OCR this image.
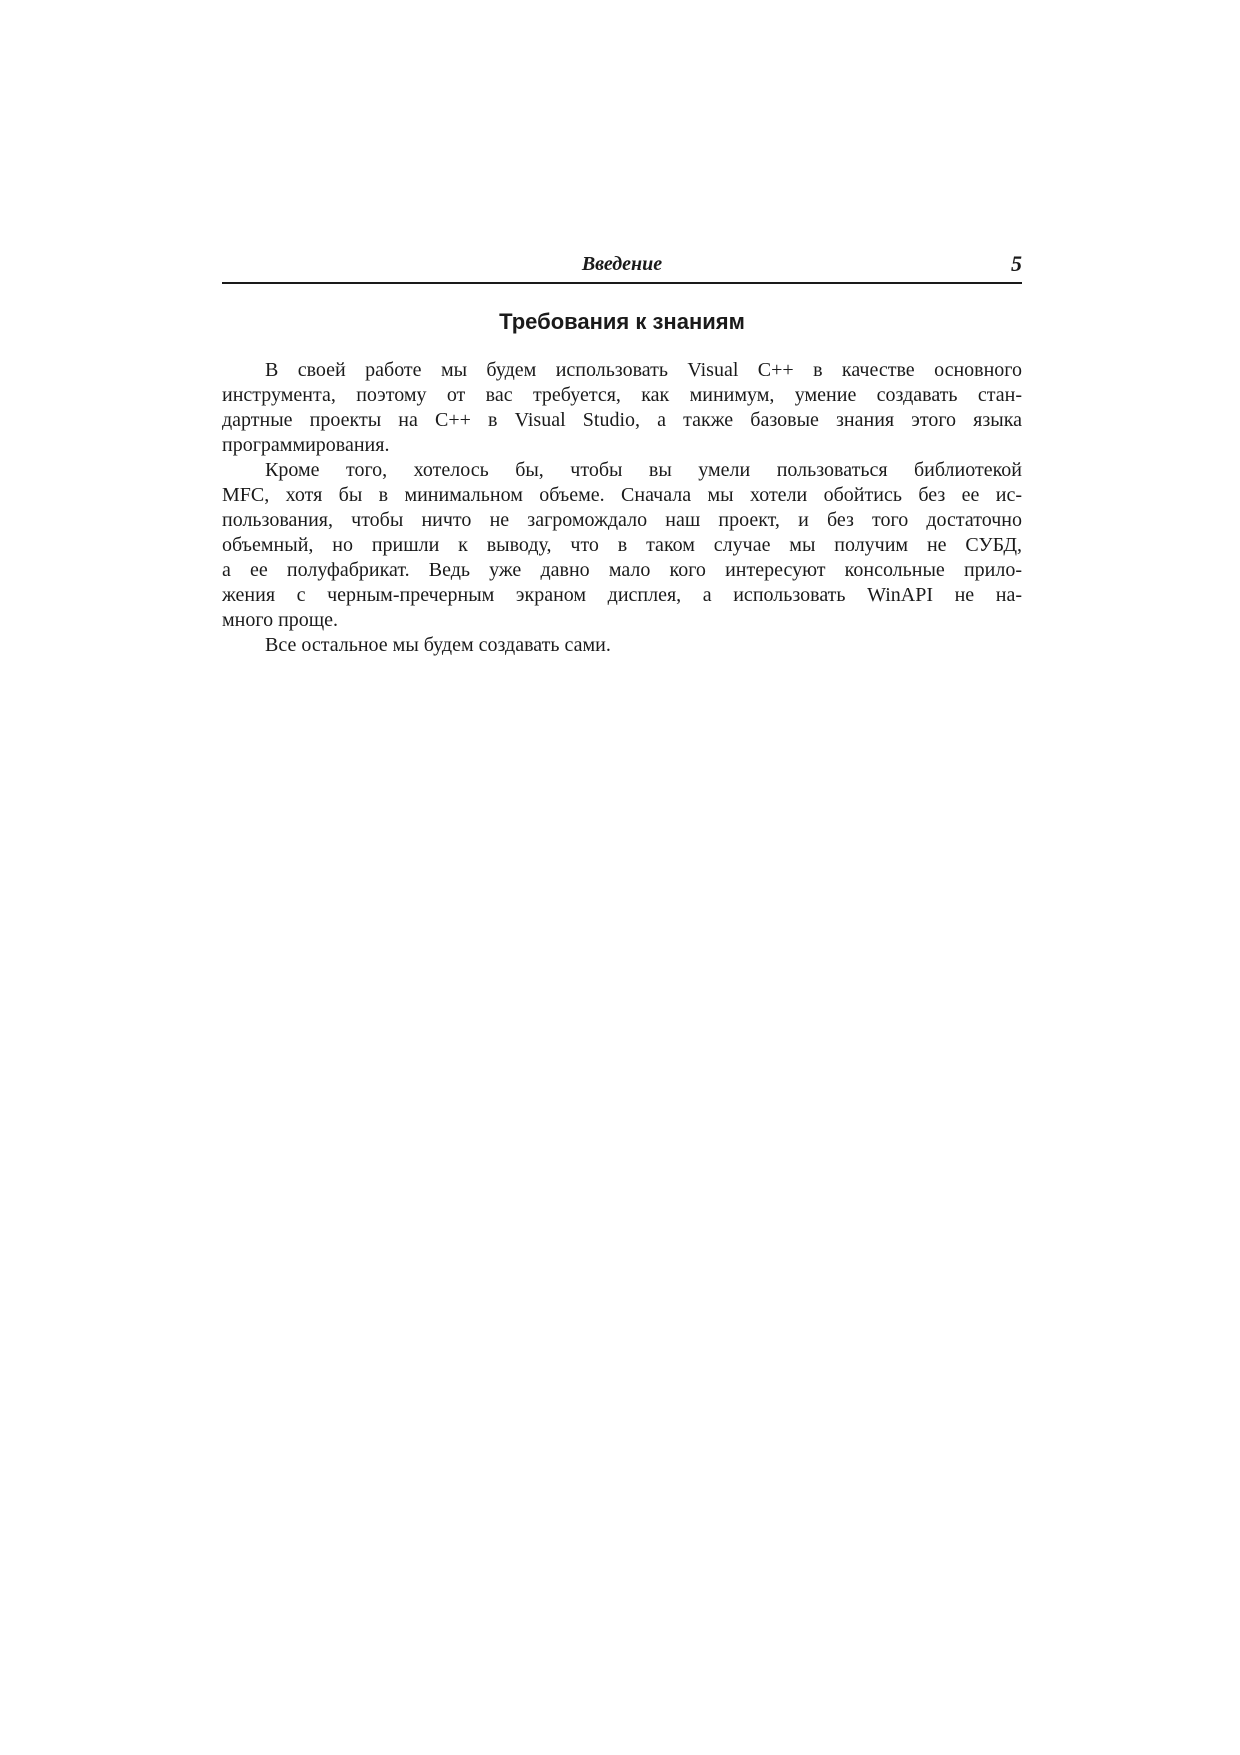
Введение	5
Требования к знаниям

В своей работе мы будем использовать Visual C++ в качестве основного
инструмента, поэтому от вас требуется, как минимум, умение создавать стан-
дартные проекты на C++ в Visual Studio, а также базовые знания этого языка
программирования.

Кроме того, хотелось бы, чтобы вы умели пользоваться библиотекой
MFC, хотя бы в минимальном объеме. Сначала мы хотели обойтись без ее ис-
пользования, чтобы ничто не загромождало наш проект, и без того достаточно
объемный, но пришли к выводу, что в таком случае мы получим не СУБД,
а ее полуфабрикат. Ведь уже давно мало кого интересуют консольные прило-
жения с черным-пречерным экраном дисплея, а использовать WinAPI не на-
много проще.

Все остальное мы будем создавать сами.
